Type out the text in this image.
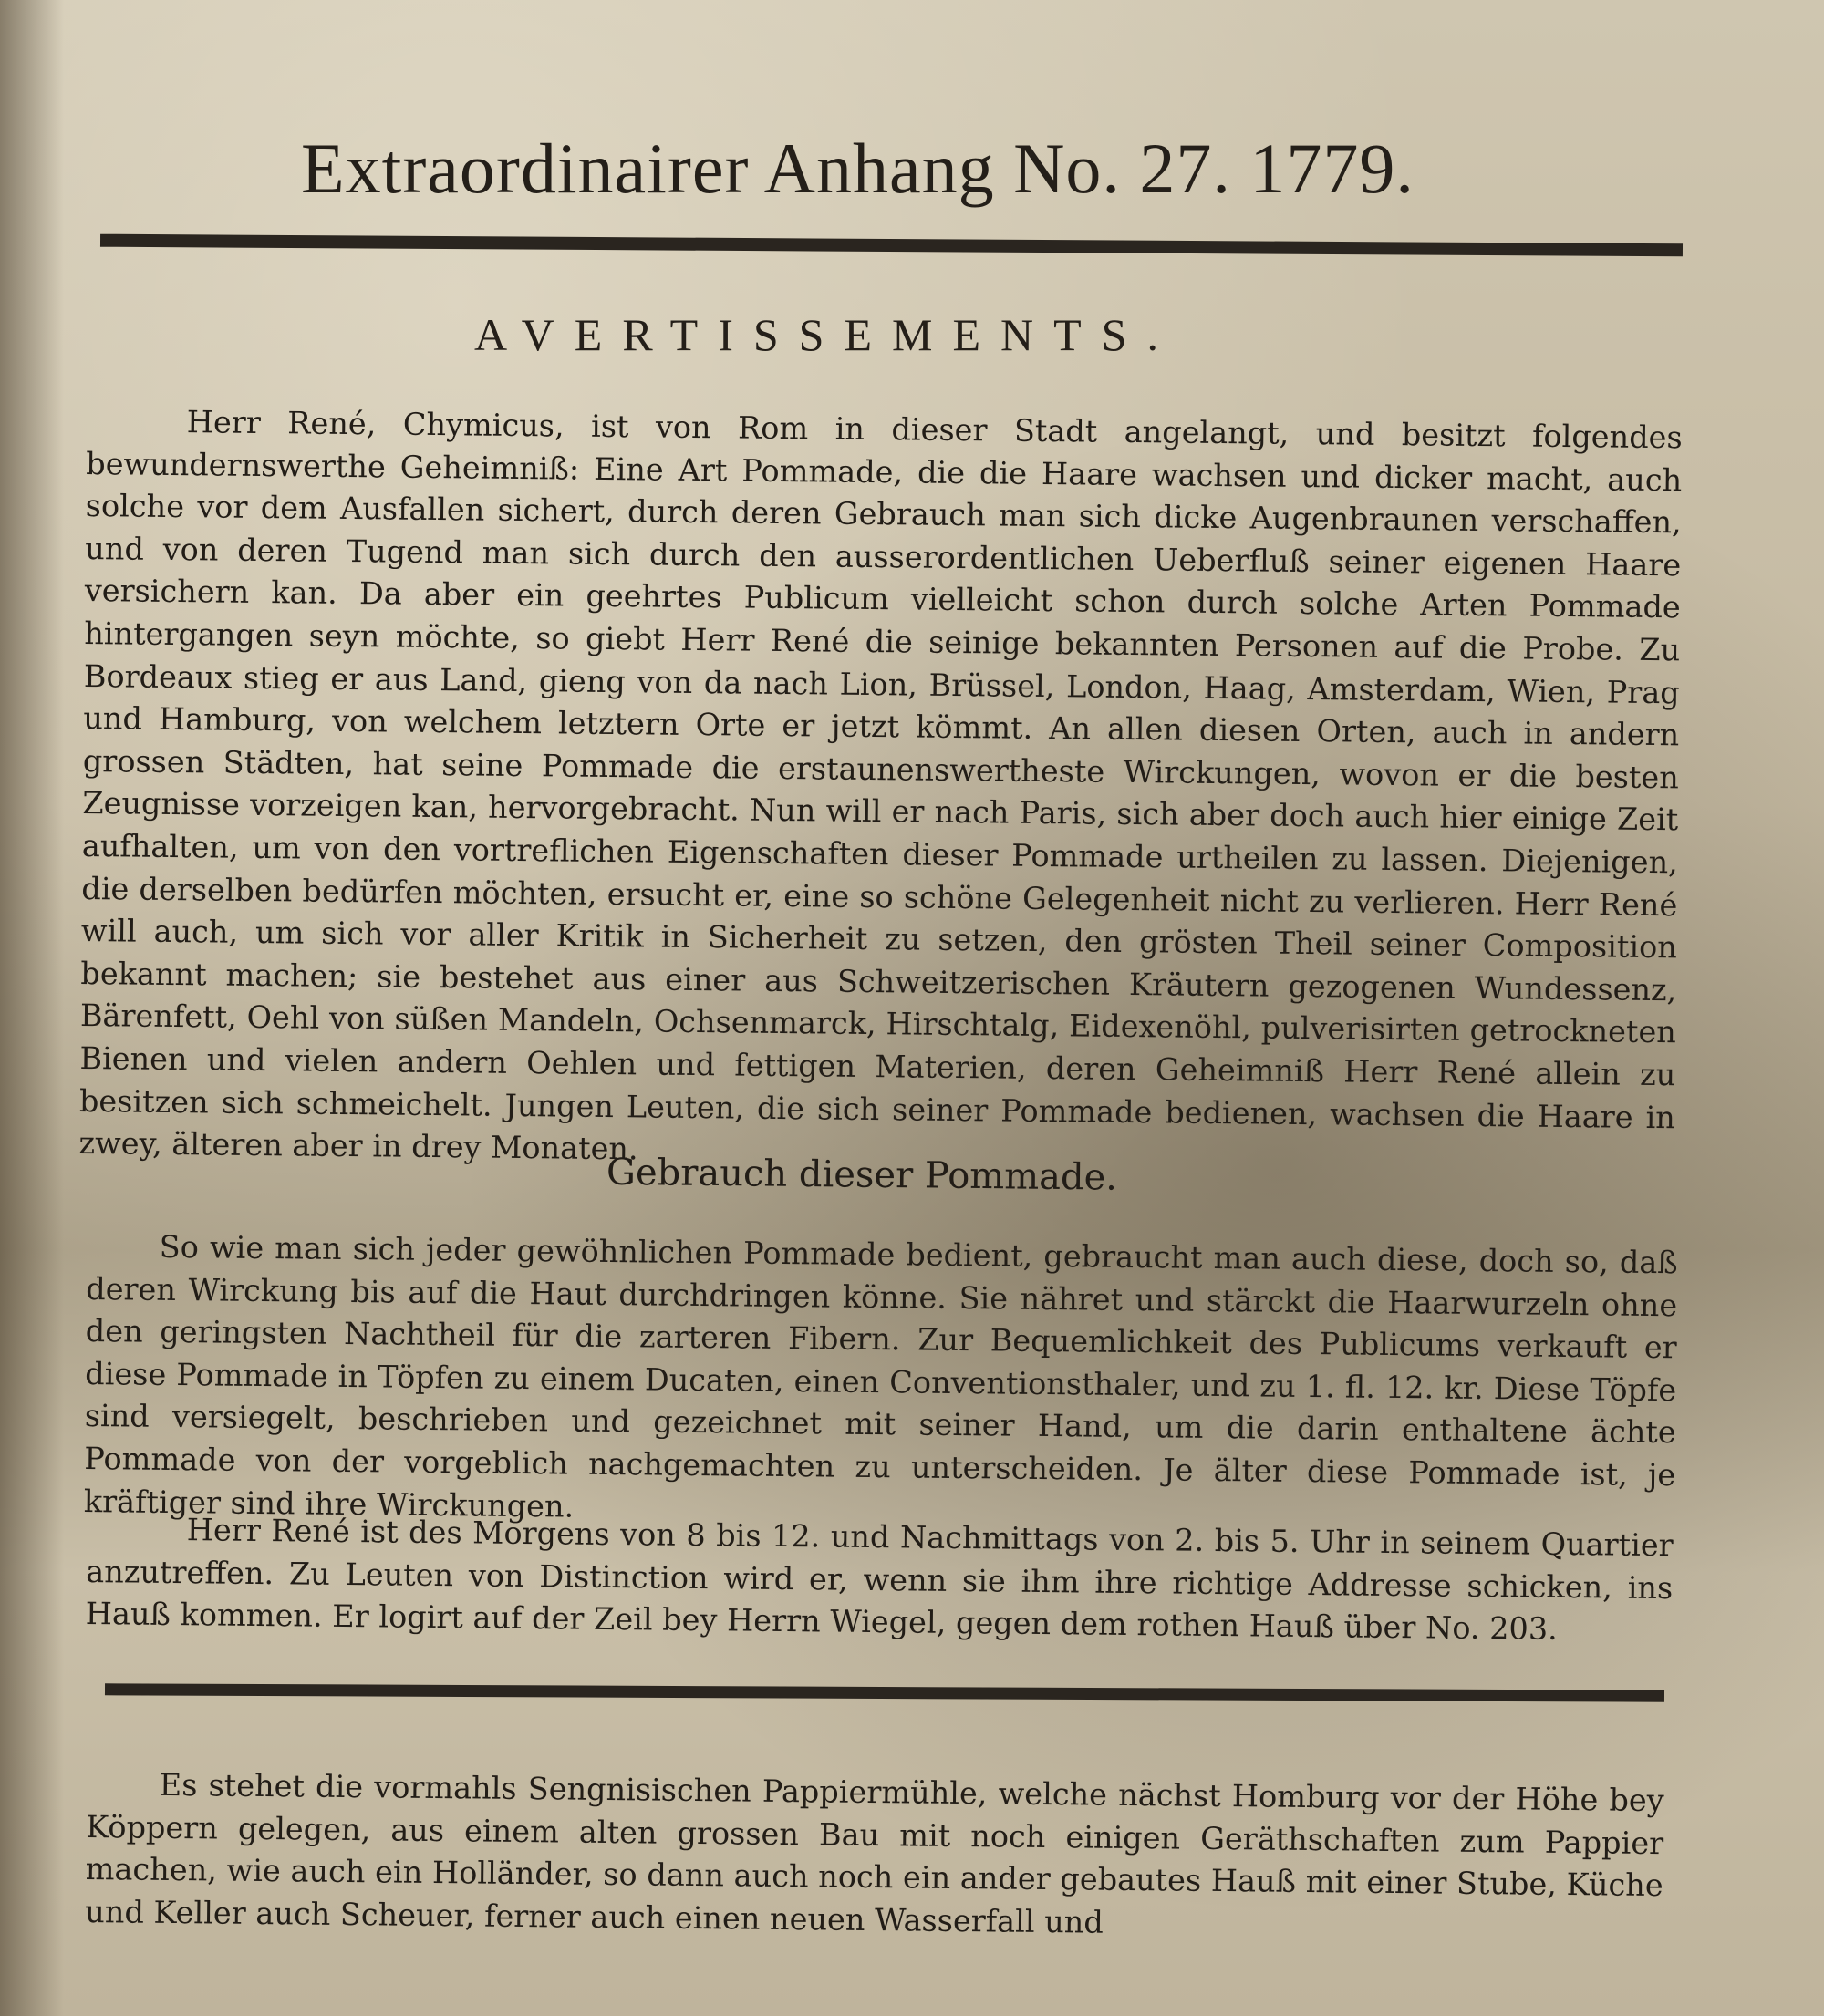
Extraordinairer Anhang No. 27. 1779.
AVERTISSEMENTS.

Herr René, Chymicus, ist von Rom in dieser Stadt angelangt, und besitzt folgendes bewundernswerthe Geheimniß: Eine Art Pommade, die die Haare wachsen und dicker macht, auch solche vor dem Ausfallen sichert, durch deren Gebrauch man sich dicke Augenbraunen verschaffen, und von deren Tugend man sich durch den ausserordentlichen Ueberfluß seiner eigenen Haare versichern kan. Da aber ein geehrtes Publicum vielleicht schon durch solche Arten Pommade hintergangen seyn möchte, so giebt Herr René die seinige bekannten Personen auf die Probe. Zu Bordeaux stieg er aus Land, gieng von da nach Lion, Brüssel, London, Haag, Amsterdam, Wien, Prag und Hamburg, von welchem letztern Orte er jetzt kömmt. An allen diesen Orten, auch in andern grossen Städten, hat seine Pommade die erstaunenswertheste Wirckungen, wovon er die besten Zeugnisse vorzeigen kan, hervorgebracht. Nun will er nach Paris, sich aber doch auch hier einige Zeit aufhalten, um von den vortreflichen Eigenschaften dieser Pommade urtheilen zu lassen. Diejenigen, die derselben bedürfen möchten, ersucht er, eine so schöne Gelegenheit nicht zu verlieren. Herr René will auch, um sich vor aller Kritik in Sicherheit zu setzen, den grösten Theil seiner Composition bekannt machen; sie bestehet aus einer aus Schweitzerischen Kräutern gezogenen Wundessenz, Bärenfett, Oehl von süßen Mandeln, Ochsenmarck, Hirschtalg, Eidexenöhl, pulverisirten getrockneten Bienen und vielen andern Oehlen und fettigen Materien, deren Geheimniß Herr René allein zu besitzen sich schmeichelt. Jungen Leuten, die sich seiner Pommade bedienen, wachsen die Haare in zwey, älteren aber in drey Monaten.

Gebrauch dieser Pommade.

So wie man sich jeder gewöhnlichen Pommade bedient, gebraucht man auch diese, doch so, daß deren Wirckung bis auf die Haut durchdringen könne. Sie nähret und stärckt die Haarwurzeln ohne den geringsten Nachtheil für die zarteren Fibern. Zur Bequemlichkeit des Publicums verkauft er diese Pommade in Töpfen zu einem Ducaten, einen Conventionsthaler, und zu 1. fl. 12. kr. Diese Töpfe sind versiegelt, beschrieben und gezeichnet mit seiner Hand, um die darin enthaltene ächte Pommade von der vorgeblich nachgemachten zu unterscheiden. Je älter diese Pommade ist, je kräftiger sind ihre Wirckungen.

Herr René ist des Morgens von 8 bis 12. und Nachmittags von 2. bis 5. Uhr in seinem Quartier anzutreffen. Zu Leuten von Distinction wird er, wenn sie ihm ihre richtige Addresse schicken, ins Hauß kommen. Er logirt auf der Zeil bey Herrn Wiegel, gegen dem rothen Hauß über No. 203.

Es stehet die vormahls Sengnisischen Pappiermühle, welche nächst Homburg vor der Höhe bey Köppern gelegen, aus einem alten grossen Bau mit noch einigen Geräthschaften zum Pappier machen, wie auch ein Holländer, so dann auch noch ein ander gebautes Hauß mit einer Stube, Küche und Keller auch Scheuer, ferner auch einen neuen Wasserfall und
